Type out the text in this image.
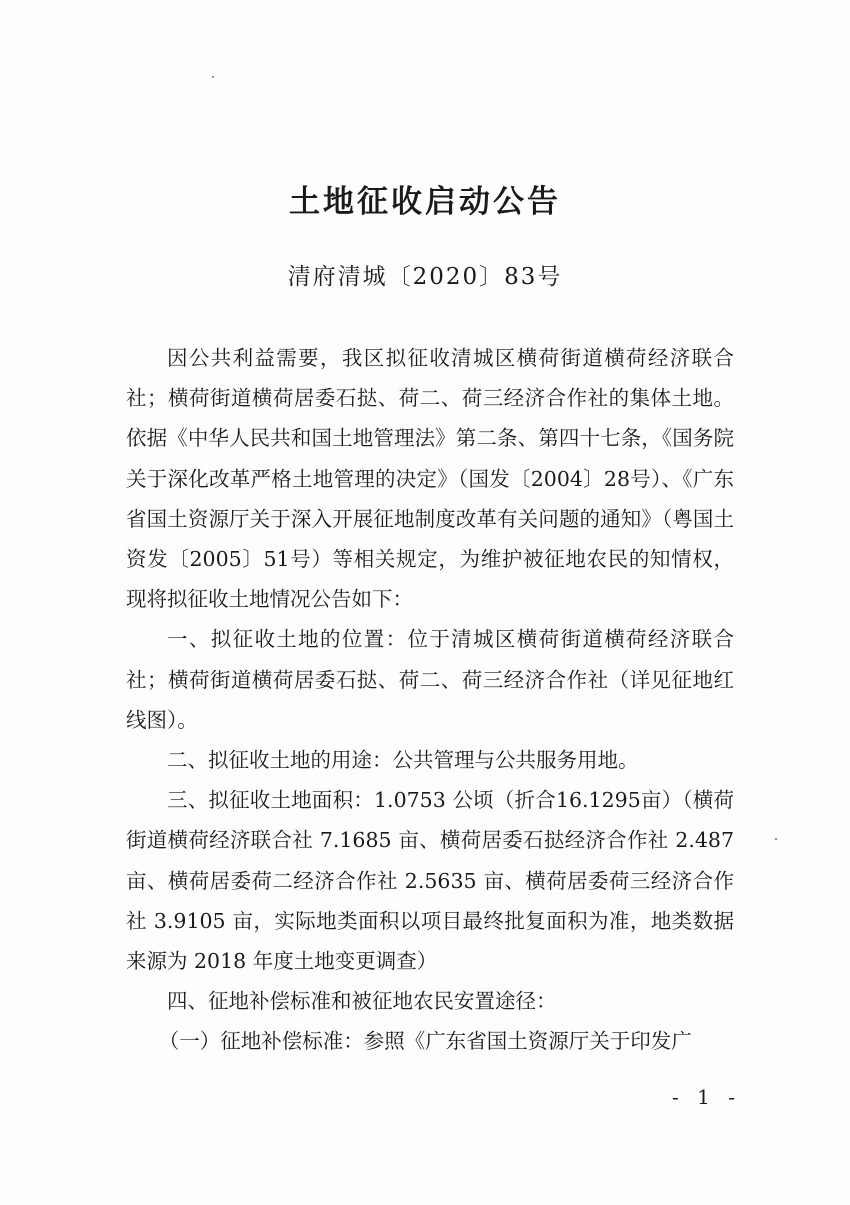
土地征收启动公告
清府清城〔2020〕83号

因公共利益需要，我区拟征收清城区横荷街道横荷经济联合社；横荷街道横荷居委石挞、荷二、荷三经济合作社的集体土地。依据《中华人民共和国土地管理法》第二条、第四十七条，《国务院关于深化改革严格土地管理的决定》（国发〔2004〕28号）、《广东省国土资源厅关于深入开展征地制度改革有关问题的通知》（粤国土资发〔2005〕51号）等相关规定，为维护被征地农民的知情权，现将拟征收土地情况公告如下：

一、拟征收土地的位置：位于清城区横荷街道横荷经济联合社；横荷街道横荷居委石挞、荷二、荷三经济合作社（详见征地红线图）。

二、拟征收土地的用途：公共管理与公共服务用地。

三、拟征收土地面积：1.0753 公顷（折合16.1295亩）（横荷街道横荷经济联合社 7.1685 亩、横荷居委石挞经济合作社 2.487 亩、横荷居委荷二经济合作社 2.5635 亩、横荷居委荷三经济合作社 3.9105 亩，实际地类面积以项目最终批复面积为准，地类数据来源为 2018 年度土地变更调查）

四、征地补偿标准和被征地农民安置途径：

（一）征地补偿标准：参照《广东省国土资源厅关于印发广

- 1 -
